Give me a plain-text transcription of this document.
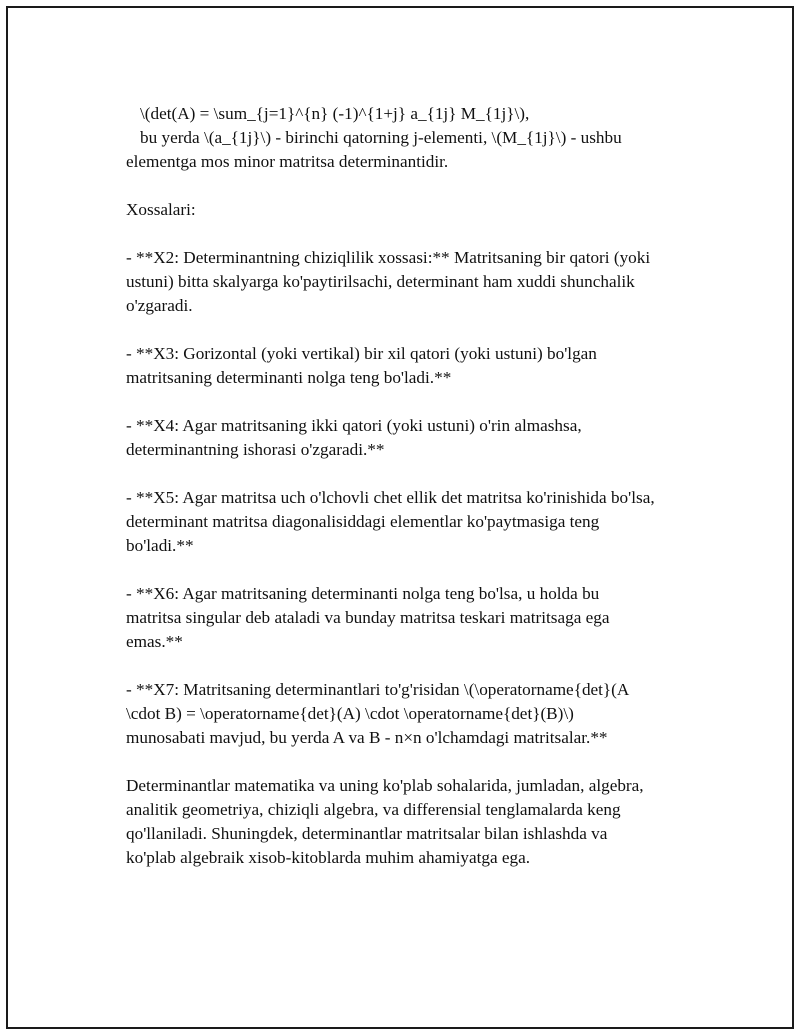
\(det(A) = \sum_{j=1}^{n} (-1)^{1+j} a_{1j} M_{1j}\),
bu yerda \(a_{1j}\) - birinchi qatorning j-elementi, \(M_{1j}\) - ushbu
elementga mos minor matritsa determinantidir.
Xossalari:
- **X2: Determinantning chiziqlilik xossasi:** Matritsaning bir qatori (yoki
ustuni) bitta skalyarga ko'paytirilsachi, determinant ham xuddi shunchalik
o'zgaradi.
- **X3: Gorizontal (yoki vertikal) bir xil qatori (yoki ustuni) bo'lgan
matritsaning determinanti nolga teng bo'ladi.**
- **X4: Agar matritsaning ikki qatori (yoki ustuni) o'rin almashsa,
determinantning ishorasi o'zgaradi.**
- **X5: Agar matritsa uch o'lchovli chet ellik det matritsa ko'rinishida bo'lsa,
determinant matritsa diagonalisiddagi elementlar ko'paytmasiga teng
bo'ladi.**
- **X6: Agar matritsaning determinanti nolga teng bo'lsa, u holda bu
matritsa singular deb ataladi va bunday matritsa teskari matritsaga ega
emas.**
- **X7: Matritsaning determinantlari to'g'risidan \(\operatorname{det}(A
\cdot B) = \operatorname{det}(A) \cdot \operatorname{det}(B)\)
munosabati mavjud, bu yerda A va B - n×n o'lchamdagi matritsalar.**
Determinantlar matematika va uning ko'plab sohalarida, jumladan, algebra,
analitik geometriya, chiziqli algebra, va differensial tenglamalarda keng
qo'llaniladi. Shuningdek, determinantlar matritsalar bilan ishlashda va
ko'plab algebraik xisob-kitoblarda muhim ahamiyatga ega.
